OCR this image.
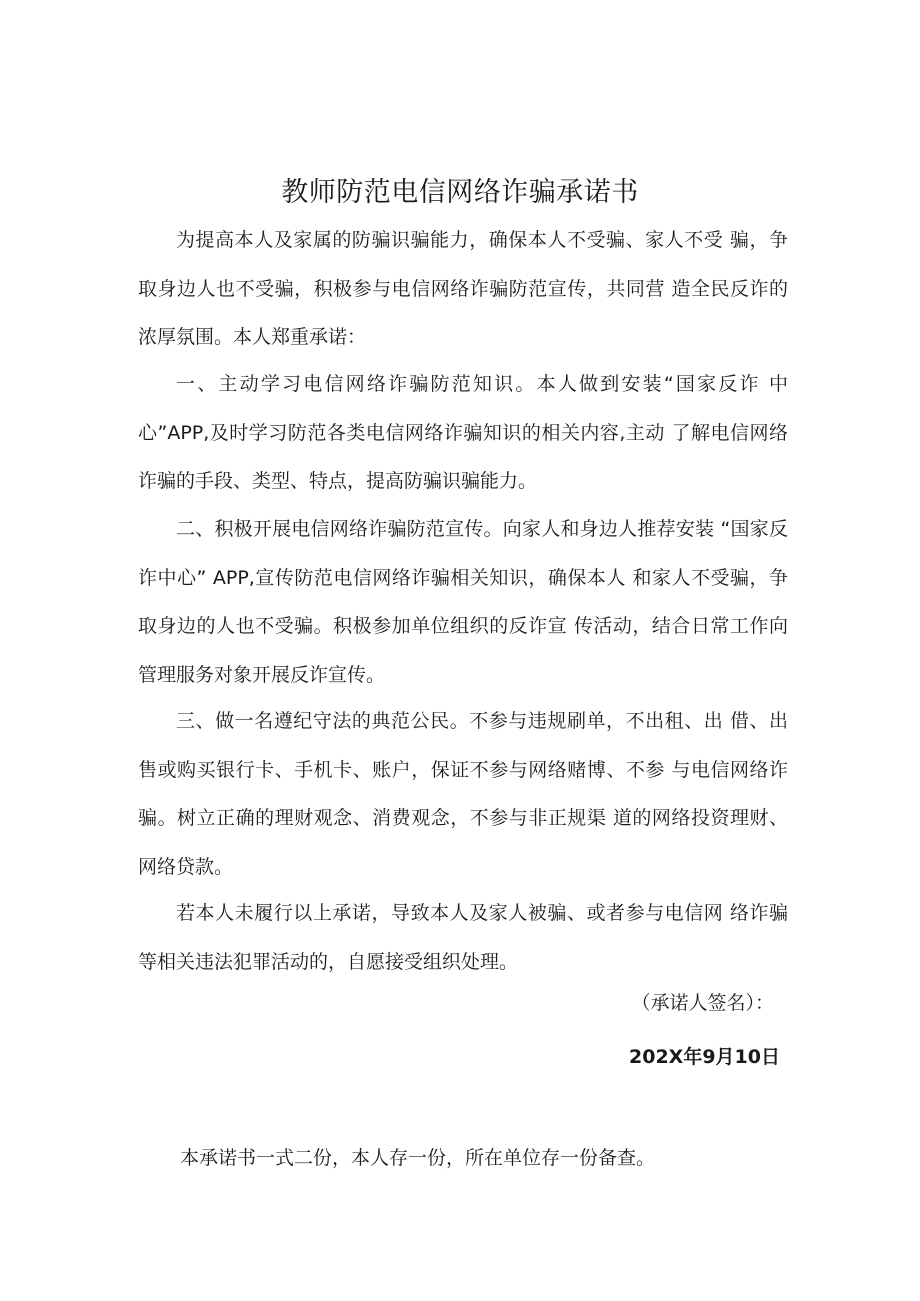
教师防范电信网络诈骗承诺书
为提高本人及家属的防骗识骗能力，确保本人不受骗、家人不受 骗，争取身边人也不受骗，积极参与电信网络诈骗防范宣传，共同营 造全民反诈的浓厚氛围。本人郑重承诺：
一、主动学习电信网络诈骗防范知识。本人做到安装“国家反诈 中心”APP,及时学习防范各类电信网络诈骗知识的相关内容,主动 了解电信网络诈骗的手段、类型、特点，提高防骗识骗能力。
二、积极开展电信网络诈骗防范宣传。向家人和身边人推荐安装 “国家反诈中心” APP,宣传防范电信网络诈骗相关知识，确保本人 和家人不受骗，争取身边的人也不受骗。积极参加单位组织的反诈宣 传活动，结合日常工作向管理服务对象开展反诈宣传。
三、做一名遵纪守法的典范公民。不参与违规刷单，不出租、出 借、出售或购买银行卡、手机卡、账户，保证不参与网络赌博、不参 与电信网络诈骗。树立正确的理财观念、消费观念，不参与非正规渠 道的网络投资理财、网络贷款。
若本人未履行以上承诺，导致本人及家人被骗、或者参与电信网 络诈骗等相关违法犯罪活动的，自愿接受组织处理。
（承诺人签名）：
202X年9月10日
本承诺书一式二份，本人存一份，所在单位存一份备查。
